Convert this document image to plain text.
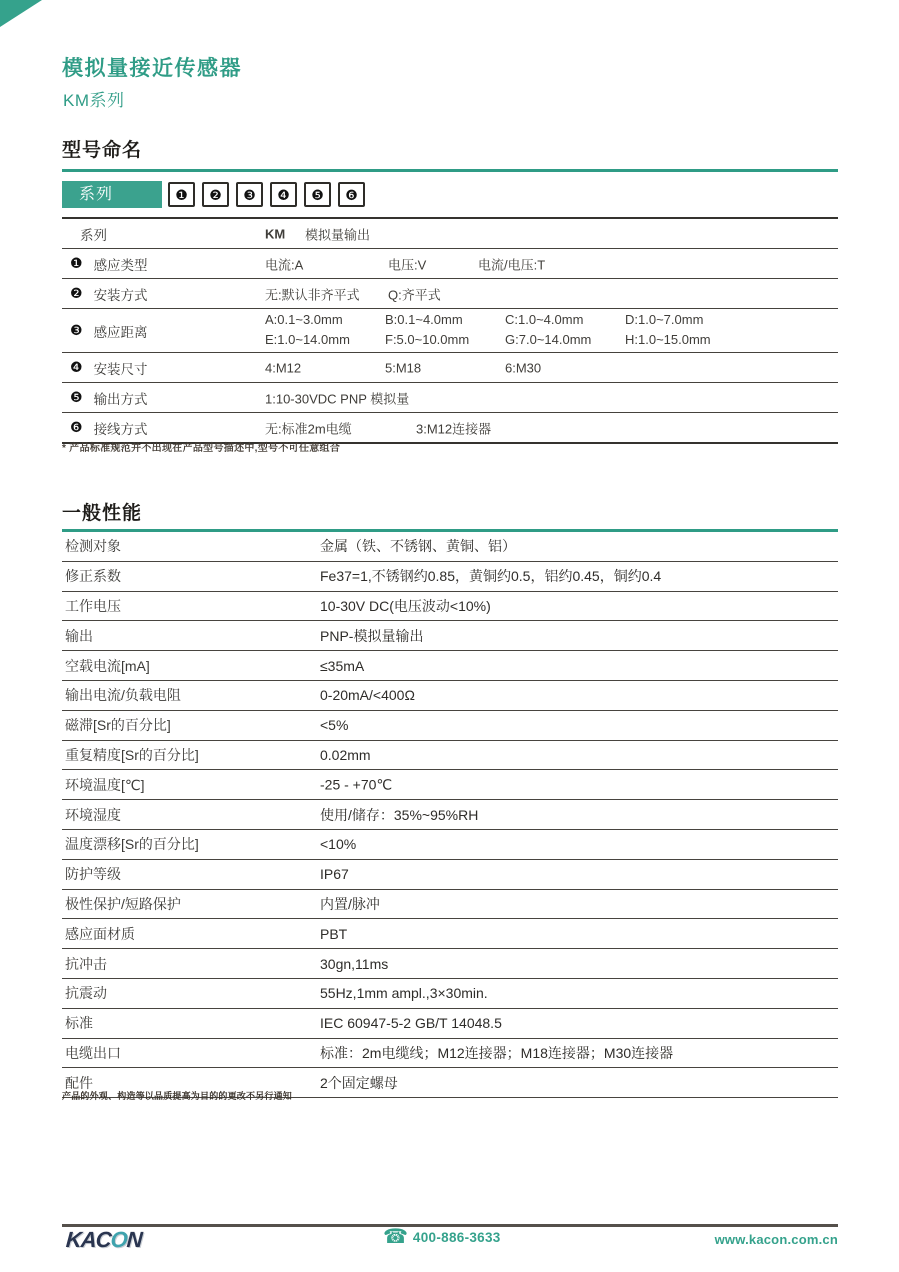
模拟量接近传感器
KM系列
型号命名
系列	❶ ❷ ❸ ❹ ❺ ❻
系列	KM 模拟量输出
❶ 感应类型	电流:A	电压:V	电流/电压:T
❷ 安装方式	无:默认非齐平式 Q:齐平式
❸ 感应距离
A:0.1~3.0mm	B:0.1~4.0mm	C:1.0~4.0mm	D:1.0~7.0mm
E:1.0~14.0mm	F:5.0~10.0mm	G:7.0~14.0mm	H:1.0~15.0mm
❹ 安装尺寸	4:M12	5:M18	6:M30
❺ 输出方式	1:10-30VDC PNP 模拟量
❻ 接线方式	无:标准2m电缆	3:M12连接器
* 产品标准规范并不出现在产品型号描述中,型号不可任意组合
一般性能
检测对象	金属（铁、不锈钢、黄铜、铝）
修正系数	Fe37=1,不锈钢约0.85，黄铜约0.5，铝约0.45，铜约0.4
工作电压	10-30V DC(电压波动<10%)
输出	PNP-模拟量输出
空载电流[mA]	≤35mA
输出电流/负载电阻	0-20mA/<400Ω
磁滞[Sr的百分比]	<5%
重复精度[Sr的百分比]	0.02mm
环境温度[℃]	-25 - +70℃
环境湿度	使用/储存：35%~95%RH
温度漂移[Sr的百分比]	<10%
防护等级	IP67
极性保护/短路保护	内置/脉冲
感应面材质	PBT
抗冲击	30gn,11ms
抗震动	55Hz,1mm ampl.,3×30min.
标准	IEC 60947-5-2 GB/T 14048.5
电缆出口	标准：2m电缆线；M12连接器；M18连接器；M30连接器
配件	2个固定螺母
产品的外观、构造等以品质提高为目的的更改不另行通知
KACON	☎ 400-886-3633	www.kacon.com.cn
